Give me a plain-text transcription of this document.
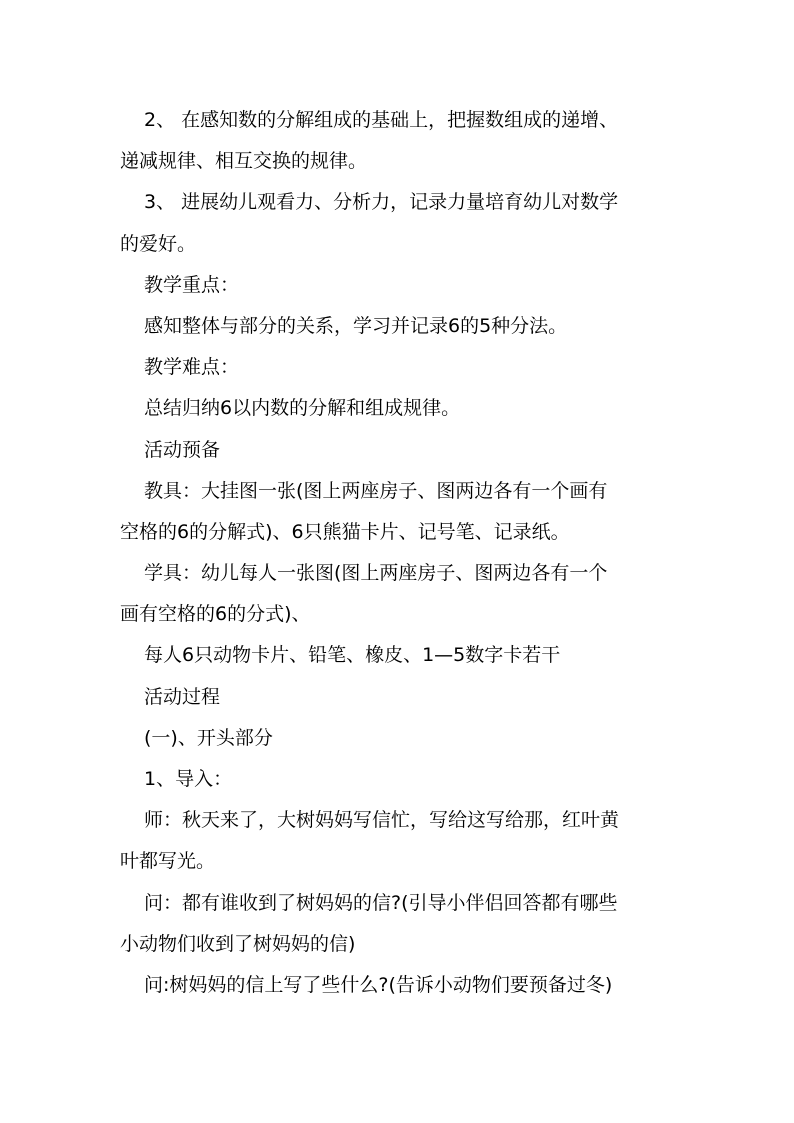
2、 在感知数的分解组成的基础上，把握数组成的递增、
递减规律、相互交换的规律。
3、 进展幼儿观看力、分析力，记录力量培育幼儿对数学
的爱好。
教学重点：
感知整体与部分的关系，学习并记录6的5种分法。
教学难点：
总结归纳6以内数的分解和组成规律。
活动预备
教具：大挂图一张(图上两座房子、图两边各有一个画有
空格的6的分解式)、6只熊猫卡片、记号笔、记录纸。
学具：幼儿每人一张图(图上两座房子、图两边各有一个
画有空格的6的分式)、
每人6只动物卡片、铅笔、橡皮、1—5数字卡若干
活动过程
(一)、开头部分
1、导入：
师：秋天来了，大树妈妈写信忙，写给这写给那，红叶黄
叶都写光。
问：都有谁收到了树妈妈的信?(引导小伴侣回答都有哪些
小动物们收到了树妈妈的信)
问:树妈妈的信上写了些什么?(告诉小动物们要预备过冬)
